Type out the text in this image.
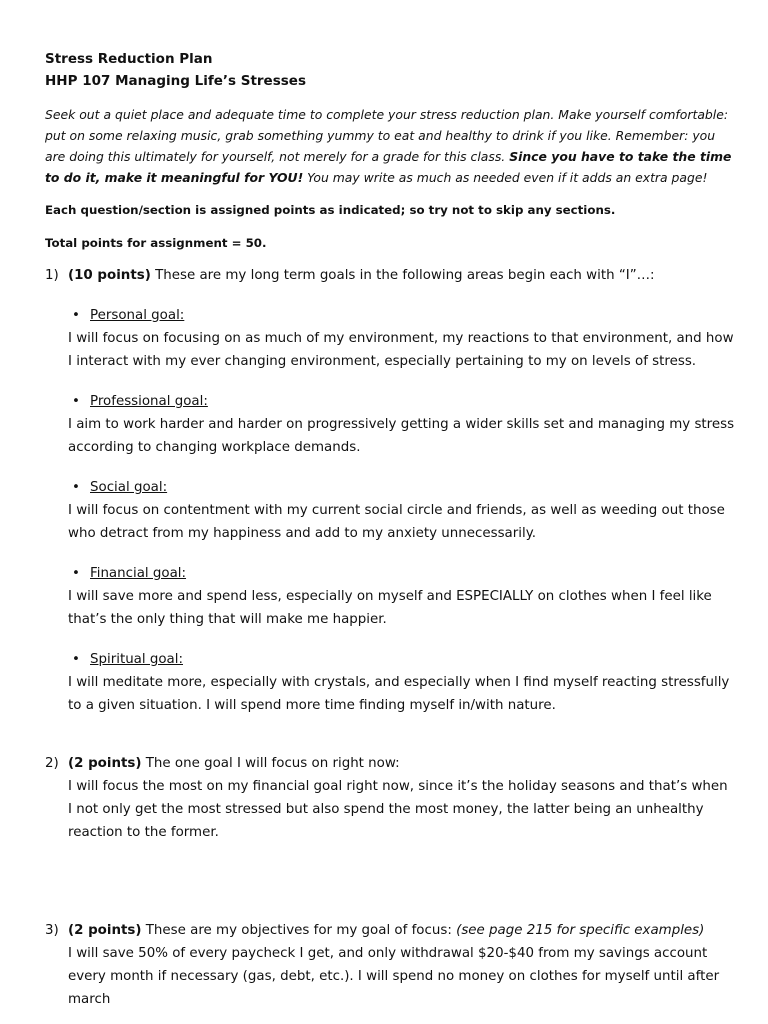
Stress Reduction Plan
HHP 107 Managing Life’s Stresses
Seek out a quiet place and adequate time to complete your stress reduction plan. Make yourself comfortable: put on some relaxing music, grab something yummy to eat and healthy to drink if you like. Remember: you are doing this ultimately for yourself, not merely for a grade for this class. Since you have to take the time to do it, make it meaningful for YOU! You may write as much as needed even if it adds an extra page!
Each question/section is assigned points as indicated; so try not to skip any sections.
Total points for assignment = 50.
1) (10 points) These are my long term goals in the following areas begin each with “I”…:
• Personal goal:
I will focus on focusing on as much of my environment, my reactions to that environment, and how I interact with my ever changing environment, especially pertaining to my on levels of stress.
• Professional goal:
I aim to work harder and harder on progressively getting a wider skills set and managing my stress according to changing workplace demands.
• Social goal:
I will focus on contentment with my current social circle and friends, as well as weeding out those who detract from my happiness and add to my anxiety unnecessarily.
• Financial goal:
I will save more and spend less, especially on myself and ESPECIALLY on clothes when I feel like that’s the only thing that will make me happier.
• Spiritual goal:
I will meditate more, especially with crystals, and especially when I find myself reacting stressfully to a given situation. I will spend more time finding myself in/with nature.
2) (2 points) The one goal I will focus on right now:
I will focus the most on my financial goal right now, since it’s the holiday seasons and that’s when I not only get the most stressed but also spend the most money, the latter being an unhealthy reaction to the former.
3) (2 points) These are my objectives for my goal of focus: (see page 215 for specific examples)
I will save 50% of every paycheck I get, and only withdrawal $20-$40 from my savings account every month if necessary (gas, debt, etc.). I will spend no money on clothes for myself until after march
